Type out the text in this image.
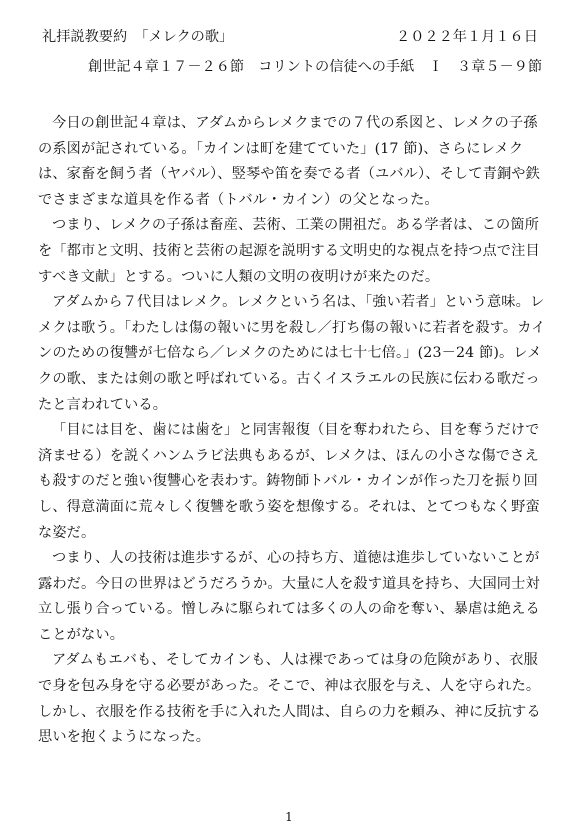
礼拝説教要約　「メレクの歌」	２０２２年１月１６日
創世記４章１７－２６節　コリントの信徒への手紙　Ｉ　３章５－９節

今日の創世記４章は、アダムからレメクまでの７代の系図と、レメクの子孫の系図が記されている。「カインは町を建てていた」(17 節)、さらにレメクは、家畜を飼う者（ヤバル）、竪琴や笛を奏でる者（ユバル）、そして青銅や鉄でさまざまな道具を作る者（トバル・カイン）の父となった。

つまり、レメクの子孫は畜産、芸術、工業の開祖だ。ある学者は、この箇所を「都市と文明、技術と芸術の起源を説明する文明史的な視点を持つ点で注目すべき文献」とする。ついに人類の文明の夜明けが来たのだ。

アダムから７代目はレメク。レメクという名は、「強い若者」という意味。レメクは歌う。「わたしは傷の報いに男を殺し／打ち傷の報いに若者を殺す。カインのための復讐が七倍なら／レメクのためには七十七倍。」(23－24 節)。レメクの歌、または剣の歌と呼ばれている。古くイスラエルの民族に伝わる歌だったと言われている。

「目には目を、歯には歯を」と同害報復（目を奪われたら、目を奪うだけで済ませる）を説くハンムラビ法典もあるが、レメクは、ほんの小さな傷でさえも殺すのだと強い復讐心を表わす。鋳物師トバル・カインが作った刀を振り回し、得意満面に荒々しく復讐を歌う姿を想像する。それは、とてつもなく野蛮な姿だ。

つまり、人の技術は進歩するが、心の持ち方、道徳は進歩していないことが露わだ。今日の世界はどうだろうか。大量に人を殺す道具を持ち、大国同士対立し張り合っている。憎しみに駆られては多くの人の命を奪い、暴虐は絶えることがない。

アダムもエバも、そしてカインも、人は裸であっては身の危険があり、衣服で身を包み身を守る必要があった。そこで、神は衣服を与え、人を守られた。しかし、衣服を作る技術を手に入れた人間は、自らの力を頼み、神に反抗する思いを抱くようになった。

1
